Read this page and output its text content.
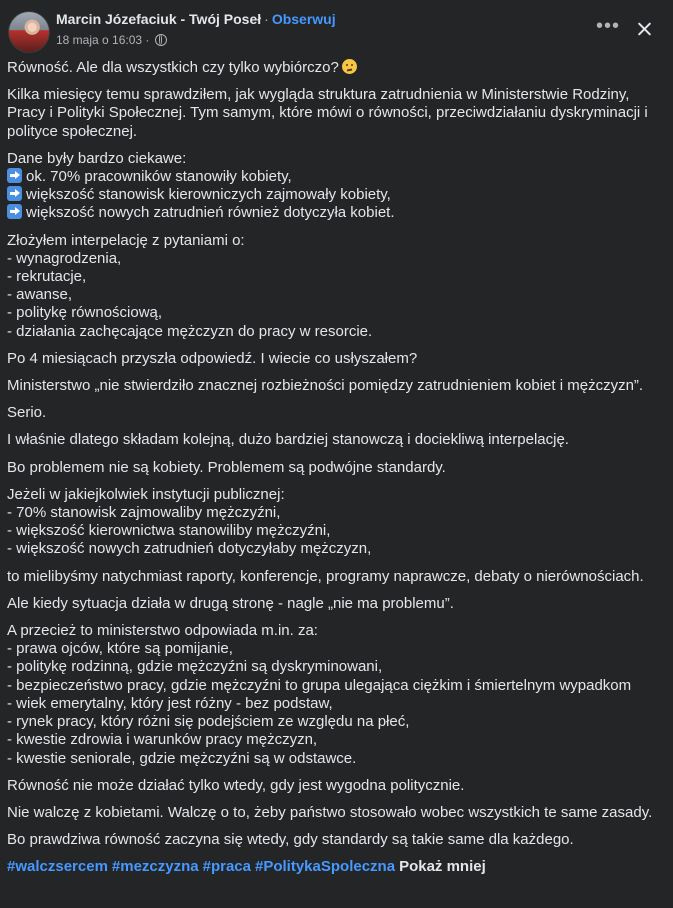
Marcin Józefaciuk - Twój Poseł · Obserwuj
18 maja o 16:03 ·
•••
Równość. Ale dla wszystkich czy tylko wybiórczo?
Kilka miesięcy temu sprawdziłem, jak wygląda struktura zatrudnienia w Ministerstwie Rodziny,
Pracy i Polityki Społecznej. Tym samym, które mówi o równości, przeciwdziałaniu dyskryminacji i
polityce społecznej.
Dane były bardzo ciekawe:
ok. 70% pracowników stanowiły kobiety,
większość stanowisk kierowniczych zajmowały kobiety,
większość nowych zatrudnień również dotyczyła kobiet.
Złożyłem interpelację z pytaniami o:
- wynagrodzenia,
- rekrutacje,
- awanse,
- politykę równościową,
- działania zachęcające mężczyzn do pracy w resorcie.
Po 4 miesiącach przyszła odpowiedź. I wiecie co usłyszałem?
Ministerstwo „nie stwierdziło znacznej rozbieżności pomiędzy zatrudnieniem kobiet i mężczyzn”.
Serio.
I właśnie dlatego składam kolejną, dużo bardziej stanowczą i dociekliwą interpelację.
Bo problemem nie są kobiety. Problemem są podwójne standardy.
Jeżeli w jakiejkolwiek instytucji publicznej:
- 70% stanowisk zajmowaliby mężczyźni,
- większość kierownictwa stanowiliby mężczyźni,
- większość nowych zatrudnień dotyczyłaby mężczyzn,
to mielibyśmy natychmiast raporty, konferencje, programy naprawcze, debaty o nierównościach.
Ale kiedy sytuacja działa w drugą stronę - nagle „nie ma problemu”.
A przecież to ministerstwo odpowiada m.in. za:
- prawa ojców, które są pomijanie,
- politykę rodzinną, gdzie mężczyźni są dyskryminowani,
- bezpieczeństwo pracy, gdzie mężczyźni to grupa ulegająca ciężkim i śmiertelnym wypadkom
- wiek emerytalny, który jest różny - bez podstaw,
- rynek pracy, który różni się podejściem ze względu na płeć,
- kwestie zdrowia i warunków pracy mężczyzn,
- kwestie seniorale, gdzie mężczyźni są w odstawce.
Równość nie może działać tylko wtedy, gdy jest wygodna politycznie.
Nie walczę z kobietami. Walczę o to, żeby państwo stosowało wobec wszystkich te same zasady.
Bo prawdziwa równość zaczyna się wtedy, gdy standardy są takie same dla każdego.
#walczsercem #mezczyzna #praca #PolitykaSpoleczna Pokaż mniej
